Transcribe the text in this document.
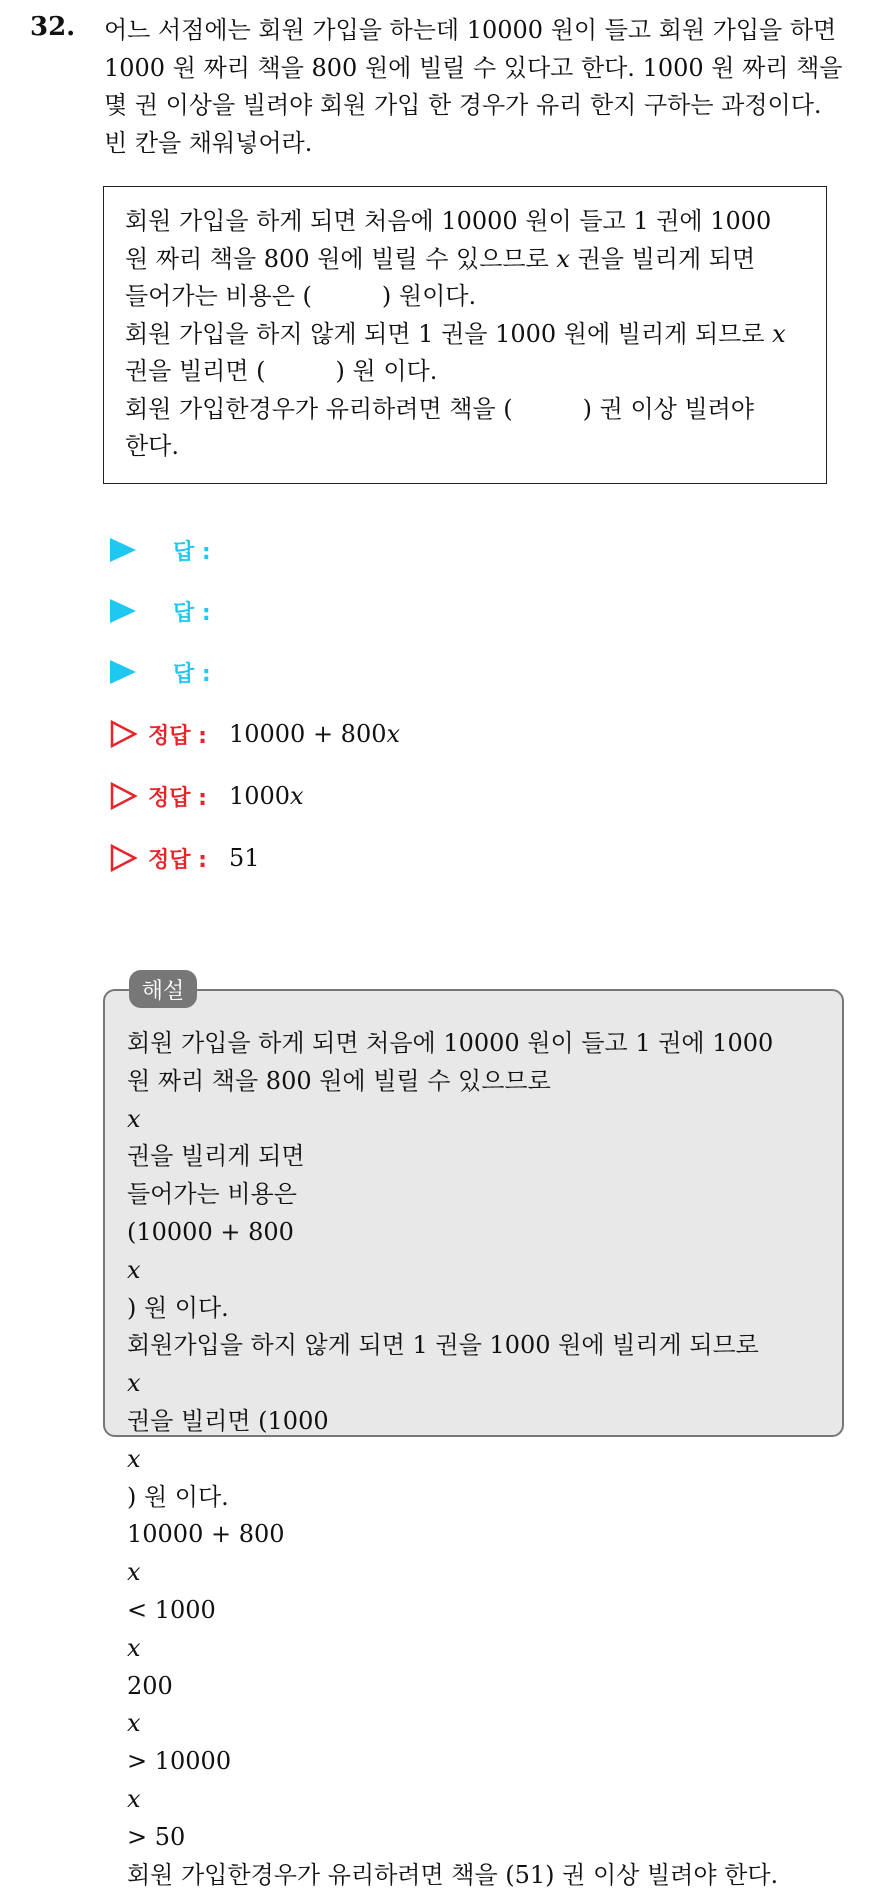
32. 어느 서점에는 회원 가입을 하는데 10000 원이 들고 회원 가입을 하면
1000 원 짜리 책을 800 원에 빌릴 수 있다고 한다. 1000 원 짜리 책을
몇 권 이상을 빌려야 회원 가입 한 경우가 유리 한지 구하는 과정이다.
빈 칸을 채워넣어라.
회원 가입을 하게 되면 처음에 10000 원이 들고 1 권에 1000
원 짜리 책을 800 원에 빌릴 수 있으므로 x 권을 빌리게 되면
들어가는 비용은 (	) 원이다.
회원 가입을 하지 않게 되면 1 권을 1000 원에 빌리게 되므로 x
권을 빌리면 (	) 원 이다.
회원 가입한경우가 유리하려면 책을 (	) 권 이상 빌려야
한다.
답 :
답 :
답 :
정답 : 10000 + 800x
정답 : 1000x
정답 : 51
회원 가입을 하게 되면 처음에 10000 원이 들고 1 권에 1000
원 짜리 책을 800 원에 빌릴 수 있으므로
x
권을 빌리게 되면
들어가는 비용은
(10000 + 800
x
) 원 이다.
회원가입을 하지 않게 되면 1 권을 1000 원에 빌리게 되므로
x
권을 빌리면 (1000
x
) 원 이다.
10000 + 800
x
< 1000
x
200
x
> 10000
x
> 50
회원 가입한경우가 유리하려면 책을 (51) 권 이상 빌려야 한다.
해설
